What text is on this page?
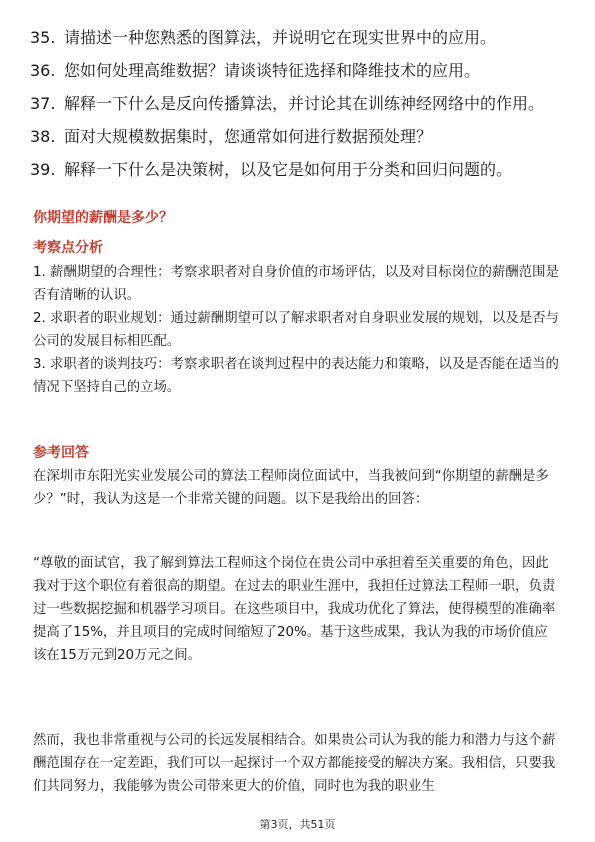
35. 请描述一种您熟悉的图算法，并说明它在现实世界中的应用。
36. 您如何处理高维数据？请谈谈特征选择和降维技术的应用。
37. 解释一下什么是反向传播算法，并讨论其在训练神经网络中的作用。
38. 面对大规模数据集时，您通常如何进行数据预处理？
39. 解释一下什么是决策树，以及它是如何用于分类和回归问题的。
你期望的薪酬是多少？
考察点分析

1. 薪酬期望的合理性：考察求职者对自身价值的市场评估，以及对目标岗位的薪酬范围是否有清晰的认识。

2. 求职者的职业规划：通过薪酬期望可以了解求职者对自身职业发展的规划，以及是否与公司的发展目标相匹配。

3. 求职者的谈判技巧：考察求职者在谈判过程中的表达能力和策略，以及是否能在适当的情况下坚持自己的立场。

参考回答
在深圳市东阳光实业发展公司的算法工程师岗位面试中，当我被问到“你期望的薪酬是多少？”时，我认为这是一个非常关键的问题。以下是我给出的回答：
“尊敬的面试官，我了解到算法工程师这个岗位在贵公司中承担着至关重要的角色，因此我对于这个职位有着很高的期望。在过去的职业生涯中，我担任过算法工程师一职，负责过一些数据挖掘和机器学习项目。在这些项目中，我成功优化了算法，使得模型的准确率提高了15%，并且项目的完成时间缩短了20%。基于这些成果，我认为我的市场价值应该在15万元到20万元之间。
然而，我也非常重视与公司的长远发展相结合。如果贵公司认为我的能力和潜力与这个薪酬范围存在一定差距，我们可以一起探讨一个双方都能接受的解决方案。我相信，只要我们共同努力，我能够为贵公司带来更大的价值，同时也为我的职业生
第3页，共51页
